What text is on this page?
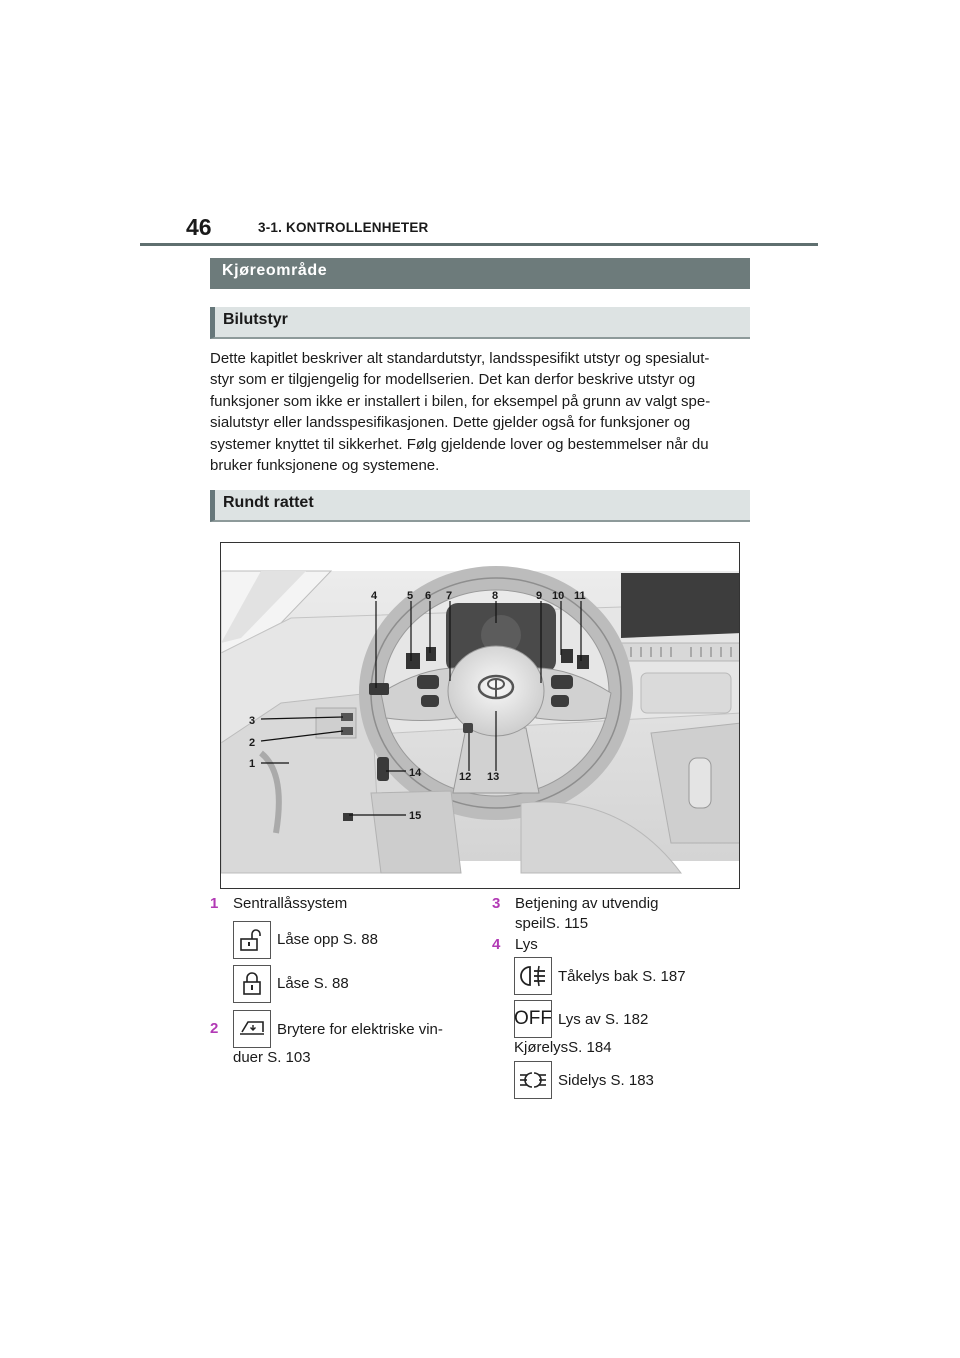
46	3-1. KONTROLLENHETER
Kjøreområde
Bilutstyr

Dette kapitlet beskriver alt standardutstyr, landsspesifikt utstyr og spesialut-

styr som er tilgjengelig for modellserien. Det kan derfor beskrive utstyr og

funksjoner som ikke er installert i bilen, for eksempel på grunn av valgt spe-

sialutstyr eller landsspesifikasjonen. Dette gjelder også for funksjoner og

systemer knyttet til sikkerhet. Følg gjeldende lover og bestemmelser når du

bruker funksjonene og systemene.

Rundt rattet
4	5 6 7	8	9 10 11
3
2
1
12 13
14
15
1 Sentrallåssystem
Låse opp S. 88
Låse S. 88
2	Brytere for elektriske vin-
duer S. 103
3 Betjening av utvendig
speilS. 115
4 Lys
Tåkelys bak S. 187
OFF Lys av S. 182
KjørelysS. 184
Sidelys S. 183
